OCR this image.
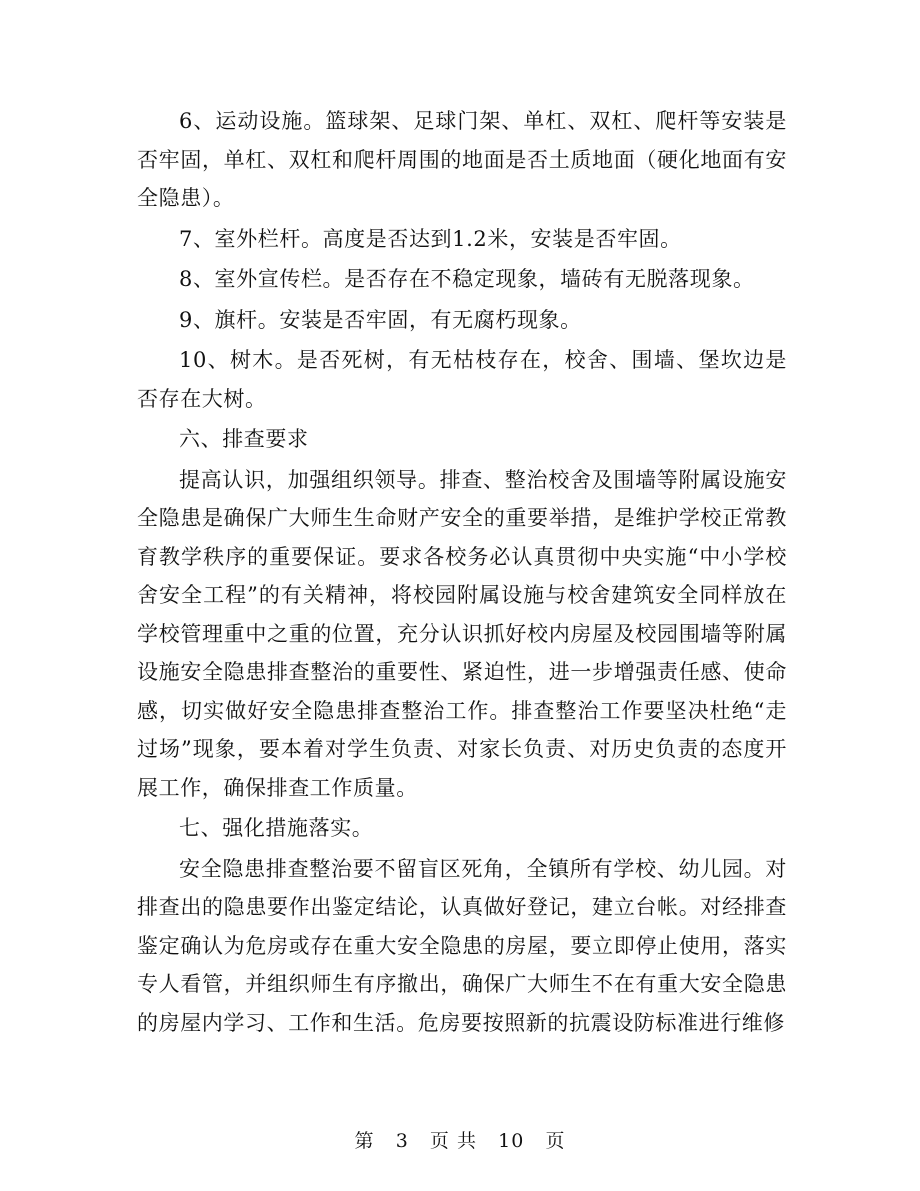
6、运动设施。篮球架、足球门架、单杠、双杠、爬杆等安装是否牢固，单杠、双杠和爬杆周围的地面是否土质地面（硬化地面有安全隐患）。

7、室外栏杆。高度是否达到1.2米，安装是否牢固。

8、室外宣传栏。是否存在不稳定现象，墙砖有无脱落现象。

9、旗杆。安装是否牢固，有无腐朽现象。

10、树木。是否死树，有无枯枝存在，校舍、围墙、堡坎边是否存在大树。

六、排查要求

提高认识，加强组织领导。排查、整治校舍及围墙等附属设施安全隐患是确保广大师生生命财产安全的重要举措，是维护学校正常教育教学秩序的重要保证。要求各校务必认真贯彻中央实施“中小学校舍安全工程”的有关精神，将校园附属设施与校舍建筑安全同样放在学校管理重中之重的位置，充分认识抓好校内房屋及校园围墙等附属设施安全隐患排查整治的重要性、紧迫性，进一步增强责任感、使命感，切实做好安全隐患排查整治工作。排查整治工作要坚决杜绝“走过场”现象，要本着对学生负责、对家长负责、对历史负责的态度开展工作，确保排查工作质量。

七、强化措施落实。

安全隐患排查整治要不留盲区死角，全镇所有学校、幼儿园。对排查出的隐患要作出鉴定结论，认真做好登记，建立台帐。对经排查鉴定确认为危房或存在重大安全隐患的房屋，要立即停止使用，落实专人看管，并组织师生有序撤出，确保广大师生不在有重大安全隐患的房屋内学习、工作和生活。危房要按照新的抗震设防标准进行维修

第 3 页 共 10 页
